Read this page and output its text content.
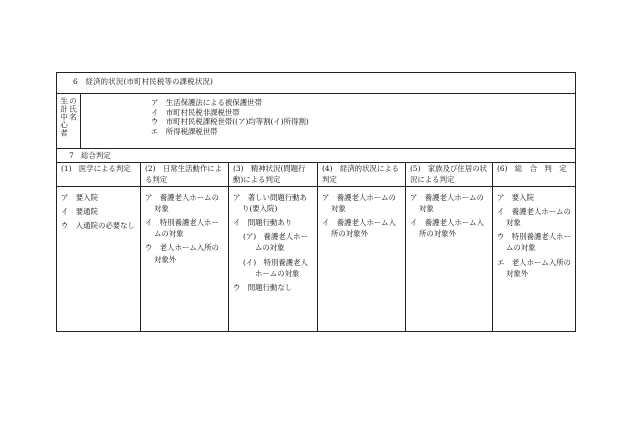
6　経済的状況(市町村民税等の課税状況)
生計中心者 の氏名	ア　生活保護法による被保護世帯
イ　市町村民税非課税世帯
ウ　市町村民税課税世帯((ア)均等割(イ)所得割)
エ　所得税課税世帯
7　総合判定
(1)　医学による判定

ア　要入院

イ　要通院

ウ　入通院の必要なし

(2)　日常生活動作による判定

ア　養護老人ホームの対象

イ　特別養護老人ホームの対象

ウ　老人ホーム入所の対象外

(3)　精神状況(問題行動)による判定

ア　著しい問題行動あり(要入院)

イ　問題行動あり

(ア)　養護老人ホームの対象

(イ)　特別養護老人ホームの対象

ウ　問題行動なし

(4)　経済的状況による判定

ア　養護老人ホームの対象

イ　養護老人ホーム入所の対象外

(5)　家族及び住居の状況による判定

ア　養護老人ホームの対象

イ　養護老人ホーム入所の対象外

(6)　総　合　判　定

ア　要入院

イ　養護老人ホームの対象

ウ　特別養護老人ホームの対象

エ　老人ホーム入所の対象外
